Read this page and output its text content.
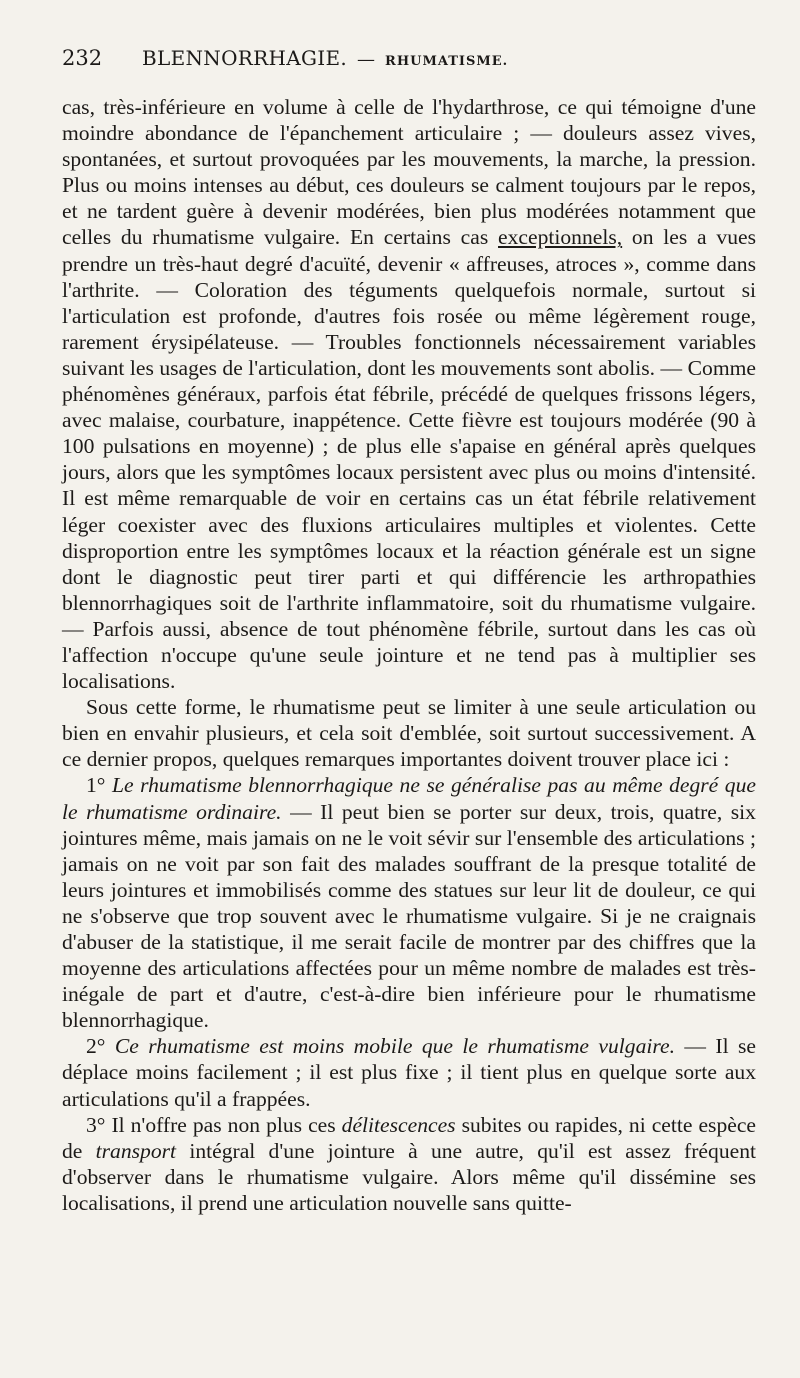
232	BLENNORRHAGIE. — RHUMATISME.

cas, très-inférieure en volume à celle de l'hydarthrose, ce qui témoigne d'une moindre abondance de l'épanchement articulaire ; — douleurs assez vives, spontanées, et surtout provoquées par les mouvements, la marche, la pression. Plus ou moins intenses au début, ces douleurs se calment toujours par le repos, et ne tardent guère à devenir modérées, bien plus modérées notamment que celles du rhumatisme vulgaire. En certains cas exceptionnels, on les a vues prendre un très-haut degré d'acuïté, devenir « affreuses, atroces », comme dans l'arthrite. — Coloration des téguments quelquefois normale, surtout si l'articulation est profonde, d'autres fois rosée ou même légèrement rouge, rarement érysipélateuse. — Troubles fonctionnels nécessairement variables suivant les usages de l'articulation, dont les mouvements sont abolis. — Comme phénomènes généraux, parfois état fébrile, précédé de quelques frissons légers, avec malaise, courbature, inappétence. Cette fièvre est toujours modérée (90 à 100 pulsations en moyenne) ; de plus elle s'apaise en général après quelques jours, alors que les symptômes locaux persistent avec plus ou moins d'intensité. Il est même remarquable de voir en certains cas un état fébrile relativement léger coexister avec des fluxions articulaires multiples et violentes. Cette disproportion entre les symptômes locaux et la réaction générale est un signe dont le diagnostic peut tirer parti et qui différencie les arthropathies blennorrhagiques soit de l'arthrite inflammatoire, soit du rhumatisme vulgaire. — Parfois aussi, absence de tout phénomène fébrile, surtout dans les cas où l'affection n'occupe qu'une seule jointure et ne tend pas à multiplier ses localisations.

Sous cette forme, le rhumatisme peut se limiter à une seule articulation ou bien en envahir plusieurs, et cela soit d'emblée, soit surtout successivement. A ce dernier propos, quelques remarques importantes doivent trouver place ici :

1° Le rhumatisme blennorrhagique ne se généralise pas au même degré que le rhumatisme ordinaire. — Il peut bien se porter sur deux, trois, quatre, six jointures même, mais jamais on ne le voit sévir sur l'ensemble des articulations ; jamais on ne voit par son fait des malades souffrant de la presque totalité de leurs jointures et immobilisés comme des statues sur leur lit de douleur, ce qui ne s'observe que trop souvent avec le rhumatisme vulgaire. Si je ne craignais d'abuser de la statistique, il me serait facile de montrer par des chiffres que la moyenne des articulations affectées pour un même nombre de malades est très-inégale de part et d'autre, c'est-à-dire bien inférieure pour le rhumatisme blennorrhagique.

2° Ce rhumatisme est moins mobile que le rhumatisme vulgaire. — Il se déplace moins facilement ; il est plus fixe ; il tient plus en quelque sorte aux articulations qu'il a frappées.

3° Il n'offre pas non plus ces délitescences subites ou rapides, ni cette espèce de transport intégral d'une jointure à une autre, qu'il est assez fréquent d'observer dans le rhumatisme vulgaire. Alors même qu'il dissémine ses localisations, il prend une articulation nouvelle sans quitte-
